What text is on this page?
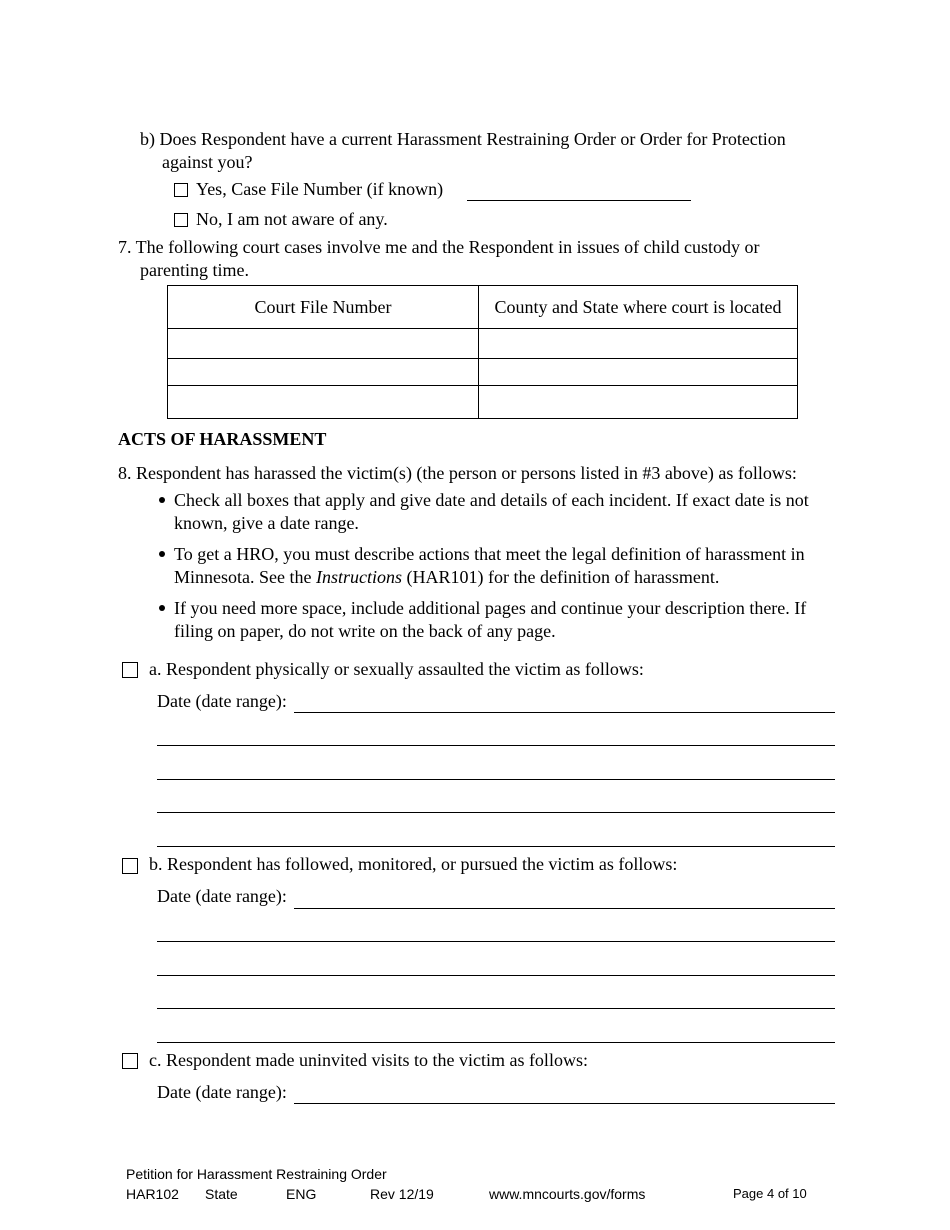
b) Does Respondent have a current Harassment Restraining Order or Order for Protection
against you?
Yes, Case File Number (if known)
No, I am not aware of any.
7. The following court cases involve me and the Respondent in issues of child custody or
parenting time.
Court File Number	County and State where court is located

ACTS OF HARASSMENT
8. Respondent has harassed the victim(s) (the person or persons listed in #3 above) as follows:
Check all boxes that apply and give date and details of each incident. If exact date is not
known, give a date range.
To get a HRO, you must describe actions that meet the legal definition of harassment in
Minnesota. See the Instructions (HAR101) for the definition of harassment.
If you need more space, include additional pages and continue your description there. If
filing on paper, do not write on the back of any page.
a. Respondent physically or sexually assaulted the victim as follows:
Date (date range):
b. Respondent has followed, monitored, or pursued the victim as follows:
Date (date range):
c. Respondent made uninvited visits to the victim as follows:
Date (date range):
Petition for Harassment Restraining Order
HAR102 State	ENG	Rev 12/19	www.mncourts.gov/forms	Page 4 of 10
